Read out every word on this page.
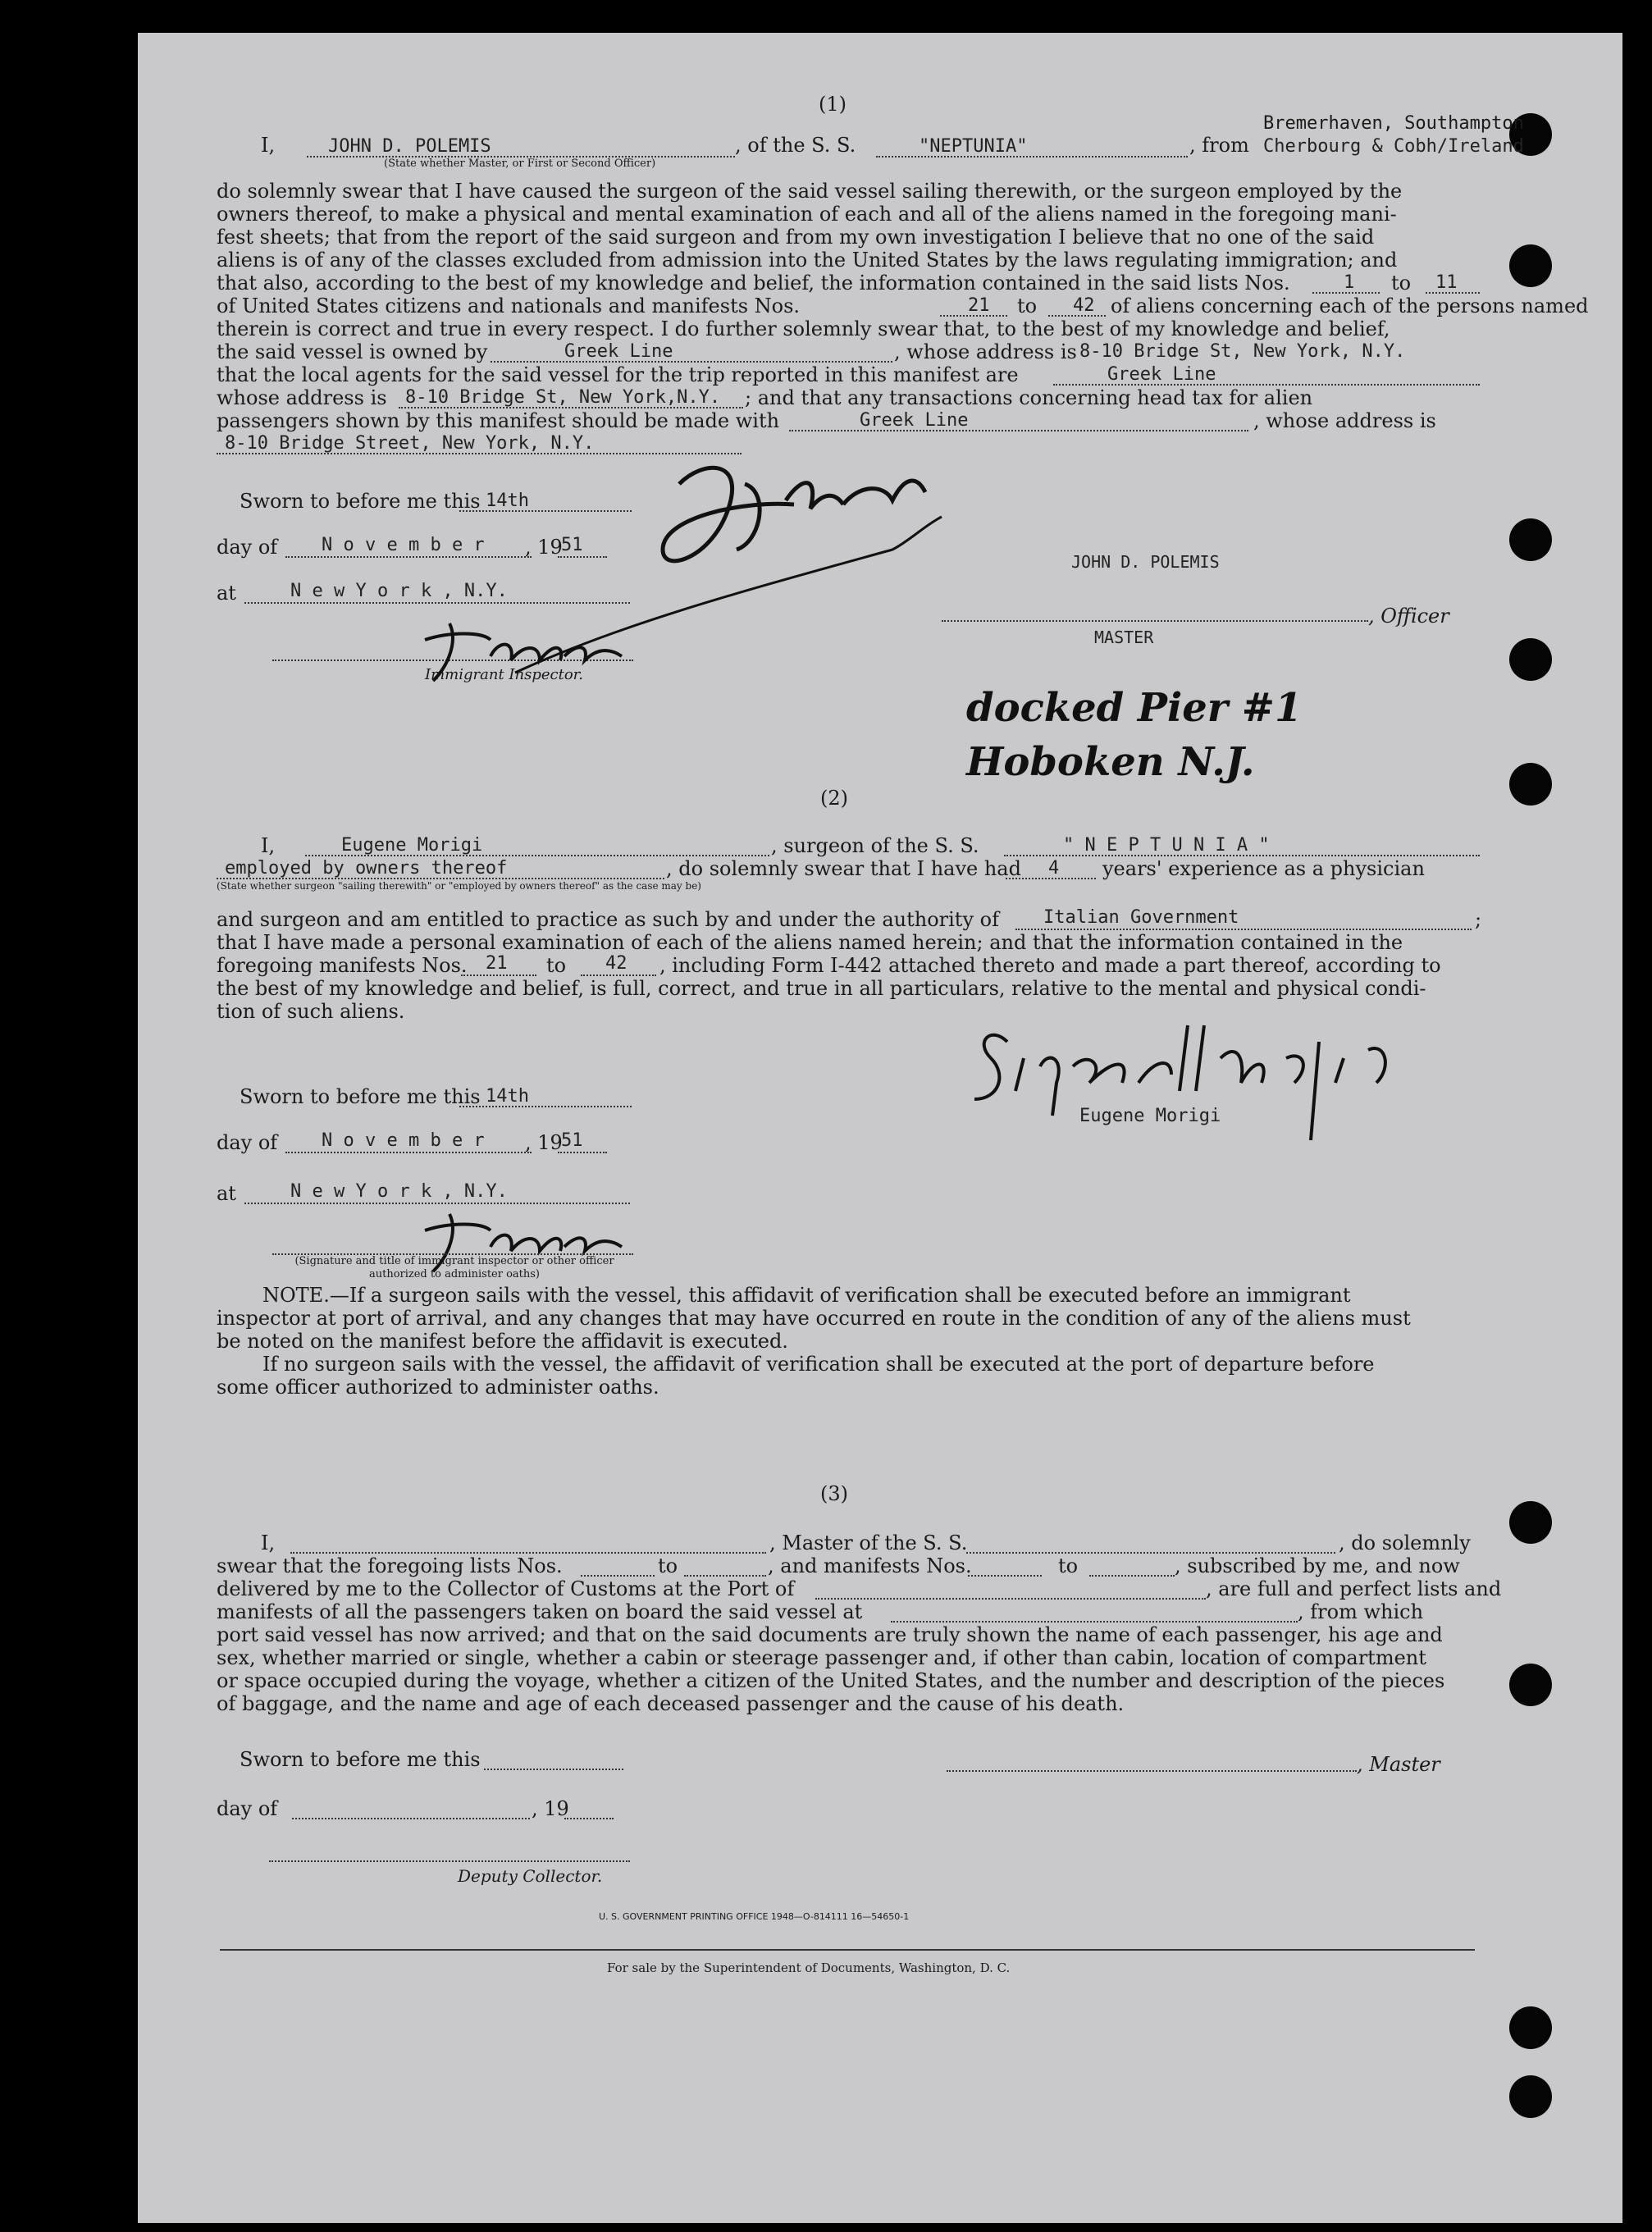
(1)
Bremerhaven, Southampton
I,	JOHN D. POLEMIS
(State whether Master, or First or Second Officer)
, of the S. S.	"NEPTUNIA"	, from Cherbourg & Cobh/Ireland
do solemnly swear that I have caused the surgeon of the said vessel sailing therewith, or the surgeon employed by the
owners thereof, to make a physical and mental examination of each and all of the aliens named in the foregoing mani-
fest sheets; that from the report of the said surgeon and from my own investigation I believe that no one of the said
aliens is of any of the classes excluded from admission into the United States by the laws regulating immigration; and
that also, according to the best of my knowledge and belief, the information contained in the said lists Nos.	1 to 11
of United States citizens and nationals and manifests Nos.	21 to 42 of aliens concerning each of the persons named
therein is correct and true in every respect. I do further solemnly swear that, to the best of my knowledge and belief,
the said vessel is owned by	Greek Line	, whose address is 8-10 Bridge St, New York, N.Y.
that the local agents for the said vessel for the trip reported in this manifest are	Greek Line
whose address is 8-10 Bridge St, New York,N.Y. ; and that any transactions concerning head tax for alien
passengers shown by this manifest should be made with	Greek Line	, whose address is
8-10 Bridge Street, New York, N.Y.
Sworn to before me this 14th
day of N o v e m b e r , 19
51
at	N e w Y o r k , N.Y.
Immigrant Inspector.
JOHN D. POLEMIS
, Officer
MASTER
docked Pier #1 Hoboken N.J.
(2)
I,	Eugene Morigi	, surgeon of the S. S.	" N E P T U N I A "
employed by owners thereof	, do solemnly swear that I have had 4 years' experience as a physician
(State whether surgeon "sailing therewith" or "employed by owners thereof" as the case may be)
and surgeon and am entitled to practice as such by and under the authority of Italian Government	;
that I have made a personal examination of each of the aliens named herein; and that the information contained in the
foregoing manifests Nos. 21 to 42 , including Form I-442 attached thereto and made a part thereof, according to
the best of my knowledge and belief, is full, correct, and true in all particulars, relative to the mental and physical condi-
tion of such aliens.
Eugene Morigi
Sworn to before me this 14th
day of N o v e m b e r , 19
51
at	N e w Y o r k , N.Y.
(Signature and title of immigrant inspector or other officer authorized to administer oaths)
NOTE.—If a surgeon sails with the vessel, this affidavit of verification shall be executed before an immigrant
inspector at port of arrival, and any changes that may have occurred en route in the condition of any of the aliens must
be noted on the manifest before the affidavit is executed.
If no surgeon sails with the vessel, the affidavit of verification shall be executed at the port of departure before
some officer authorized to administer oaths.
(3)
I,	, Master of the S. S.	, do solemnly
swear that the foregoing lists Nos.	to	, and manifests Nos.	to	, subscribed by me, and now
delivered by me to the Collector of Customs at the Port of	, are full and perfect lists and
manifests of all the passengers taken on board the said vessel at	, from which
port said vessel has now arrived; and that on the said documents are truly shown the name of each passenger, his age and
sex, whether married or single, whether a cabin or steerage passenger and, if other than cabin, location of compartment
or space occupied during the voyage, whether a citizen of the United States, and the number and description of the pieces
of baggage, and the name and age of each deceased passenger and the cause of his death.
Sworn to before me this	, Master
day of	, 19
Deputy Collector.
U. S. GOVERNMENT PRINTING OFFICE 1948—O-814111 16—54650-1
For sale by the Superintendent of Documents, Washington, D. C.
